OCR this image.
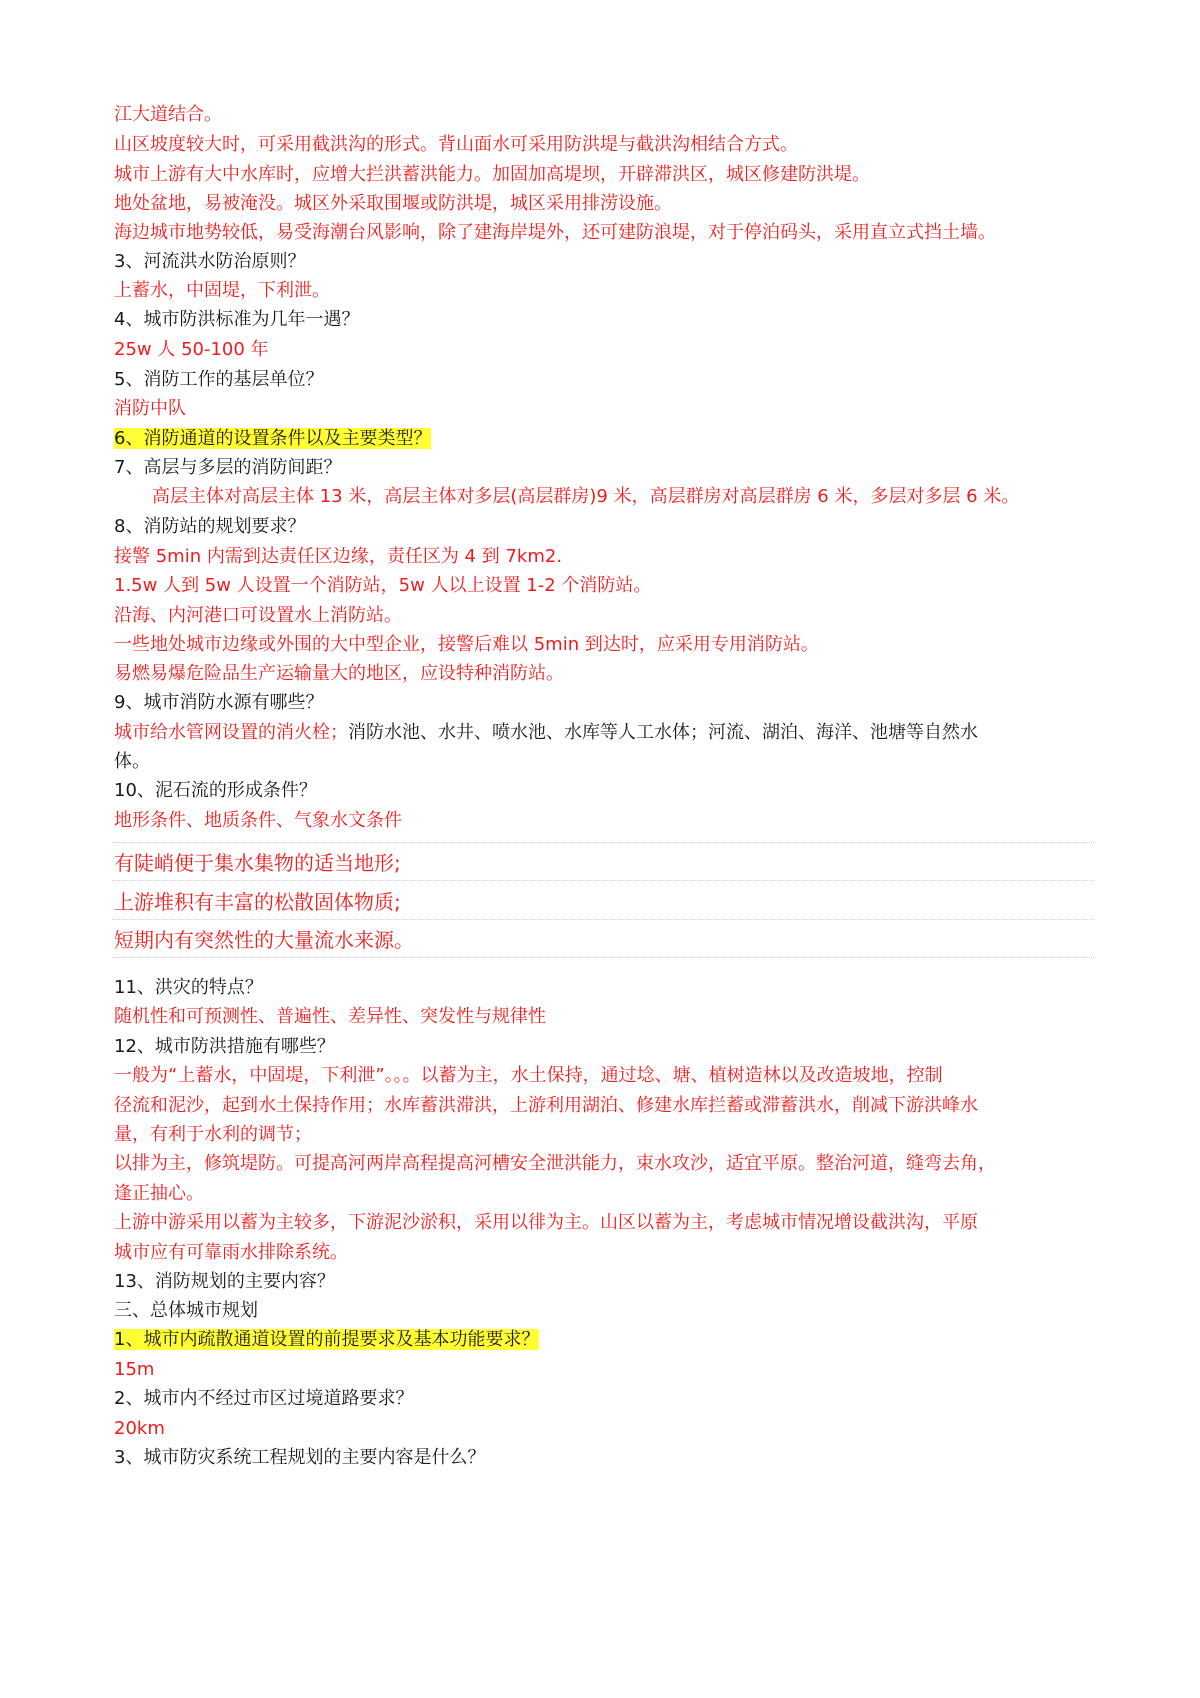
江大道结合。
山区坡度较大时，可采用截洪沟的形式。背山面水可采用防洪堤与截洪沟相结合方式。
城市上游有大中水库时，应增大拦洪蓄洪能力。加固加高堤坝，开辟滞洪区，城区修建防洪堤。
地处盆地，易被淹没。城区外采取围堰或防洪堤，城区采用排涝设施。
海边城市地势较低，易受海潮台风影响，除了建海岸堤外，还可建防浪堤，对于停泊码头，采用直立式挡土墙。
3、河流洪水防治原则？
上蓄水，中固堤，下利泄。
4、城市防洪标准为几年一遇？
25w 人 50-100 年
5、消防工作的基层单位？
消防中队
6、消防通道的设置条件以及主要类型？
7、高层与多层的消防间距？
高层主体对高层主体 13 米，高层主体对多层(高层群房)9 米，高层群房对高层群房 6 米，多层对多层 6 米。
8、消防站的规划要求？
接警 5min 内需到达责任区边缘，责任区为 4 到 7km2.
1.5w 人到 5w 人设置一个消防站，5w 人以上设置 1-2 个消防站。
沿海、内河港口可设置水上消防站。
一些地处城市边缘或外围的大中型企业，接警后难以 5min 到达时，应采用专用消防站。
易燃易爆危险品生产运输量大的地区，应设特种消防站。
9、城市消防水源有哪些？
城市给水管网设置的消火栓；消防水池、水井、喷水池、水库等人工水体；河流、湖泊、海洋、池塘等自然水
体。
10、泥石流的形成条件？
地形条件、地质条件、气象水文条件
有陡峭便于集水集物的适当地形;
上游堆积有丰富的松散固体物质;
短期内有突然性的大量流水来源。
11、洪灾的特点？
随机性和可预测性、普遍性、差异性、突发性与规律性
12、城市防洪措施有哪些？
一般为“上蓄水，中固堤，下利泄”。。。以蓄为主，水土保持，通过埝、塘、植树造林以及改造坡地，控制
径流和泥沙，起到水土保持作用；水库蓄洪滞洪，上游利用湖泊、修建水库拦蓄或滞蓄洪水，削减下游洪峰水
量，有利于水利的调节；
以排为主，修筑堤防。可提高河两岸高程提高河槽安全泄洪能力，束水攻沙，适宜平原。整治河道，缝弯去角，
逢正抽心。
上游中游采用以蓄为主较多，下游泥沙淤积，采用以徘为主。山区以蓄为主，考虑城市情况增设截洪沟，平原
城市应有可靠雨水排除系统。
13、消防规划的主要内容？
三、总体城市规划
1、城市内疏散通道设置的前提要求及基本功能要求？
15m
2、城市内不经过市区过境道路要求？
20km
3、城市防灾系统工程规划的主要内容是什么？
